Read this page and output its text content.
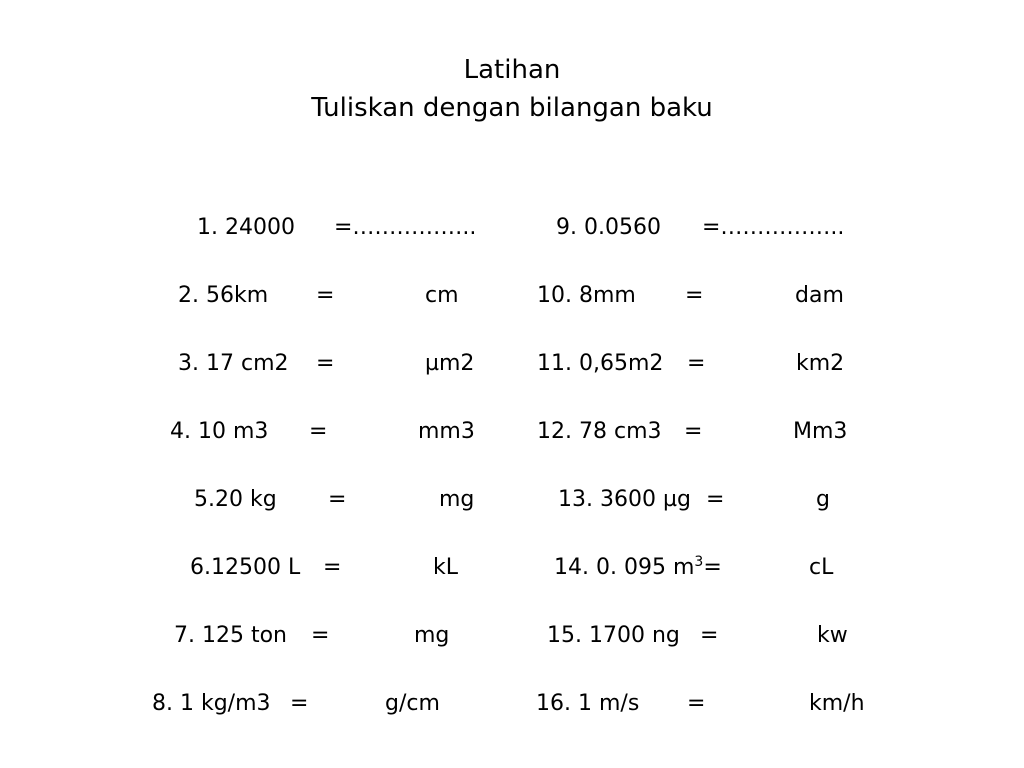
Latihan
Tuliskan dengan bilangan baku
1. 24000 =……………..
2. 56km =	cm
3. 17 cm2 =	µm2
4. 10 m3 =	mm3
5.20 kg =	mg
6.12500 L =	kL
7. 125 ton =	mg
8. 1 kg/m3 =	g/cm
9. 0.0560 =……………..
10. 8mm =	dam
11. 0,65m2 =	km2
12. 78 cm3 =	Mm3
13. 3600 µg =	g
14. 0. 095 $m^3=$	cL
15. 1700 ng =	kw
16. 1 m/s =	km/h
